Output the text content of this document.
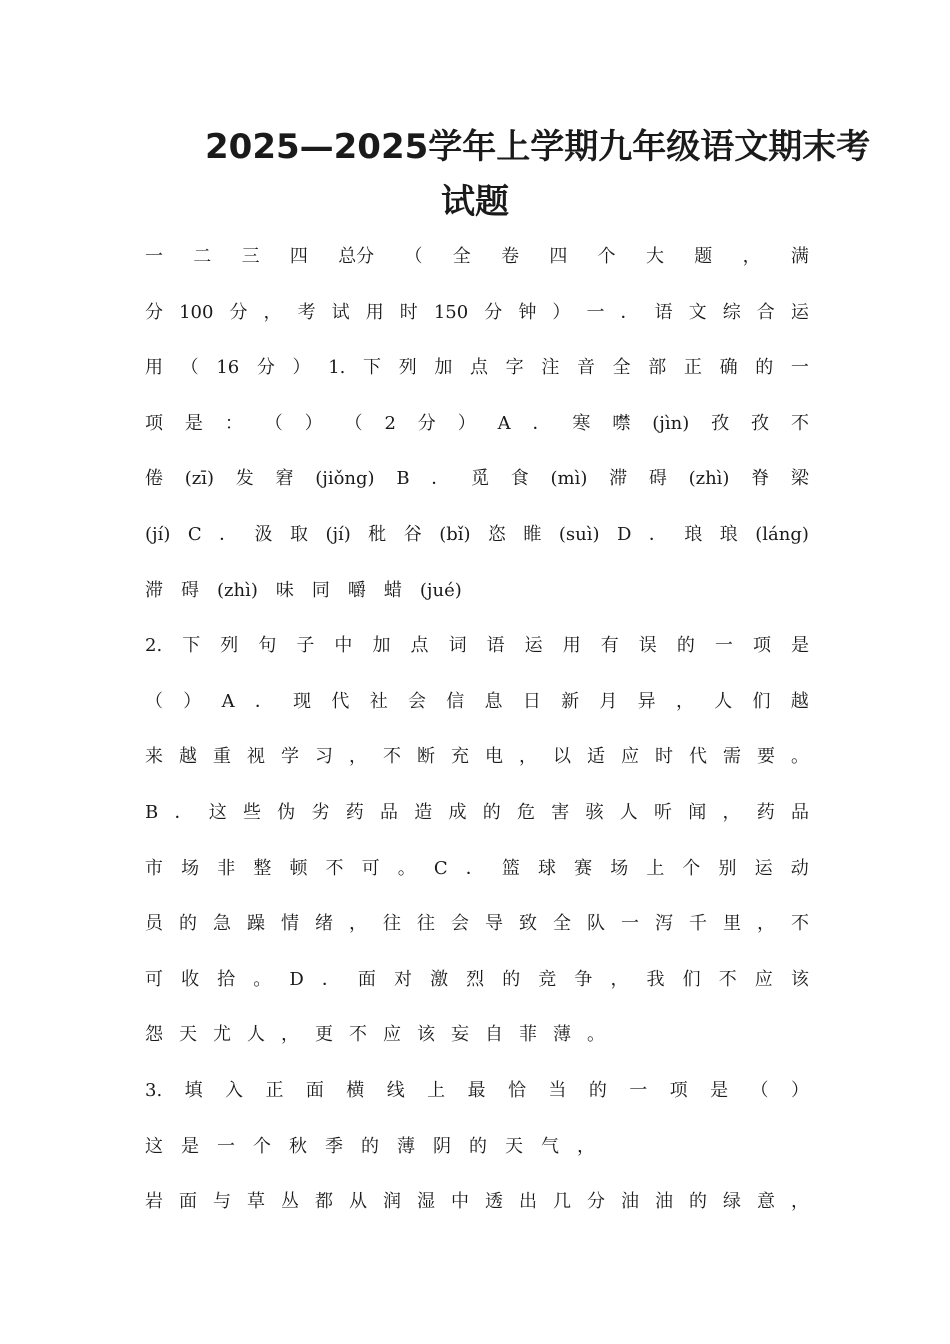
2025—2025学年上学期九年级语文期末考
试题
一 二 三 四 总分 （ 全 卷 四 个 大 题 ， 满
分 100 分 ， 考 试 用 时 150 分 钟 ） 一 ． 语 文 综 合 运
用 （ 16 分 ） 1. 下 列 加 点 字 注 音 全 部 正 确 的 一
项 是 ： （ ） （ 2 分 ） A ． 寒 噤 (jìn) 孜 孜 不
倦 (zī) 发 窘 (jiǒng) B ． 觅 食 (mì) 滞 碍 (zhì) 脊 梁
(jí) C ． 汲 取 (jí) 秕 谷 (bǐ) 恣 睢 (suì) D ． 琅 琅 (láng)
滞 碍 (zhì) 味 同 嚼 蜡 (jué)
2. 下 列 句 子 中 加 点 词 语 运 用 有 误 的 一 项 是
（ ） A ． 现 代 社 会 信 息 日 新 月 异 ， 人 们 越
来 越 重 视 学 习 ， 不 断 充 电 ， 以 适 应 时 代 需 要 。
B ． 这 些 伪 劣 药 品 造 成 的 危 害 骇 人 听 闻 ， 药 品
市 场 非 整 顿 不 可 。 C ． 篮 球 赛 场 上 个 别 运 动
员 的 急 躁 情 绪 ， 往 往 会 导 致 全 队 一 泻 千 里 ， 不
可 收 拾 。 D ． 面 对 激 烈 的 竞 争 ， 我 们 不 应 该
怨 天 尤 人 ， 更 不 应 该 妄 自 菲 薄 。
3. 填 入 正 面 横 线 上 最 恰 当 的 一 项 是 （ ）
这 是 一 个 秋 季 的 薄 阴 的 天 气 ，
岩 面 与 草 丛 都 从 润 湿 中 透 出 几 分 油 油 的 绿 意 ，
